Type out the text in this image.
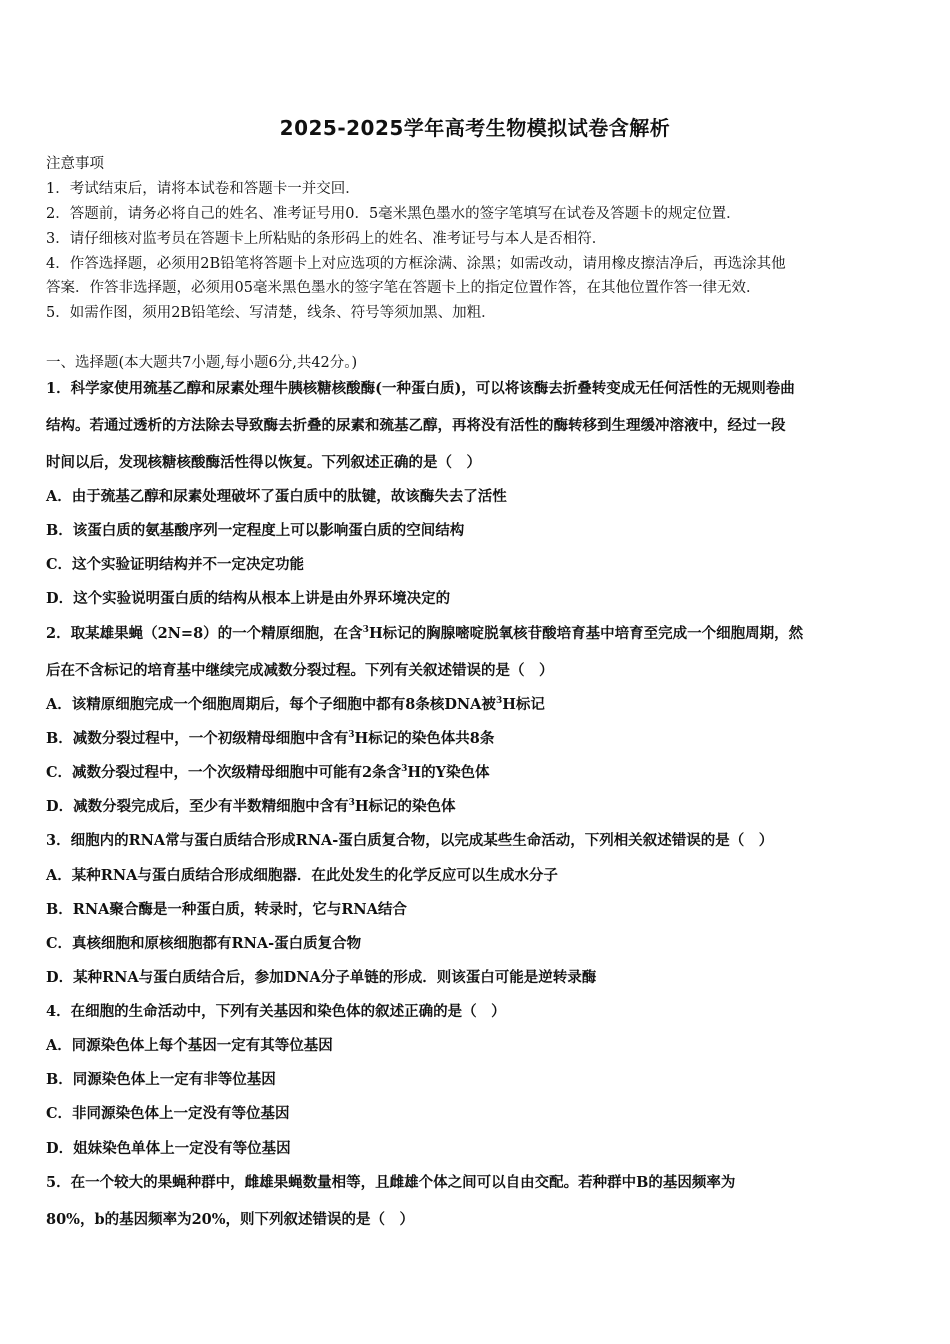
2025-2025学年高考生物模拟试卷含解析
注意事项
1．考试结束后，请将本试卷和答题卡一并交回．
2．答题前，请务必将自己的姓名、准考证号用0．5毫米黑色墨水的签字笔填写在试卷及答题卡的规定位置．
3．请仔细核对监考员在答题卡上所粘贴的条形码上的姓名、准考证号与本人是否相符．
4．作答选择题，必须用2B铅笔将答题卡上对应选项的方框涂满、涂黑；如需改动，请用橡皮擦洁净后，再选涂其他
答案．作答非选择题，必须用05毫米黑色墨水的签字笔在答题卡上的指定位置作答，在其他位置作答一律无效．
5．如需作图，须用2B铅笔绘、写清楚，线条、符号等须加黑、加粗．
一、选择题(本大题共7小题,每小题6分,共42分。)
1．科学家使用巯基乙醇和尿素处理牛胰核糖核酸酶(一种蛋白质)，可以将该酶去折叠转变成无任何活性的无规则卷曲
结构。若通过透析的方法除去导致酶去折叠的尿素和巯基乙醇，再将没有活性的酶转移到生理缓冲溶液中，经过一段
时间以后，发现核糖核酸酶活性得以恢复。下列叙述正确的是（　）
A．由于巯基乙醇和尿素处理破坏了蛋白质中的肽键，故该酶失去了活性
B．该蛋白质的氨基酸序列一定程度上可以影响蛋白质的空间结构
C．这个实验证明结构并不一定决定功能
D．这个实验说明蛋白质的结构从根本上讲是由外界环境决定的
2．取某雄果蝇（2N=8）的一个精原细胞，在含$^3$H标记的胸腺嘧啶脱氧核苷酸培育基中培育至完成一个细胞周期，然
后在不含标记的培育基中继续完成减数分裂过程。下列有关叙述错误的是（　）
A．该精原细胞完成一个细胞周期后，每个子细胞中都有8条核DNA被$^3$H标记
B．减数分裂过程中，一个初级精母细胞中含有$^3$H标记的染色体共8条
C．减数分裂过程中，一个次级精母细胞中可能有2条含$^3$H的Y染色体
D．减数分裂完成后，至少有半数精细胞中含有$^3$H标记的染色体
3．细胞内的RNA常与蛋白质结合形成RNA-蛋白质复合物，以完成某些生命活动，下列相关叙述错误的是（　）
A．某种RNA与蛋白质结合形成细胞器．在此处发生的化学反应可以生成水分子
B．RNA聚合酶是一种蛋白质，转录时，它与RNA结合
C．真核细胞和原核细胞都有RNA-蛋白质复合物
D．某种RNA与蛋白质结合后，参加DNA分子单链的形成．则该蛋白可能是逆转录酶
4．在细胞的生命活动中，下列有关基因和染色体的叙述正确的是（　）
A．同源染色体上每个基因一定有其等位基因
B．同源染色体上一定有非等位基因
C．非同源染色体上一定没有等位基因
D．姐妹染色单体上一定没有等位基因
5．在一个较大的果蝇种群中，雌雄果蝇数量相等，且雌雄个体之间可以自由交配。若种群中B的基因频率为
80%，b的基因频率为20%，则下列叙述错误的是（　）
